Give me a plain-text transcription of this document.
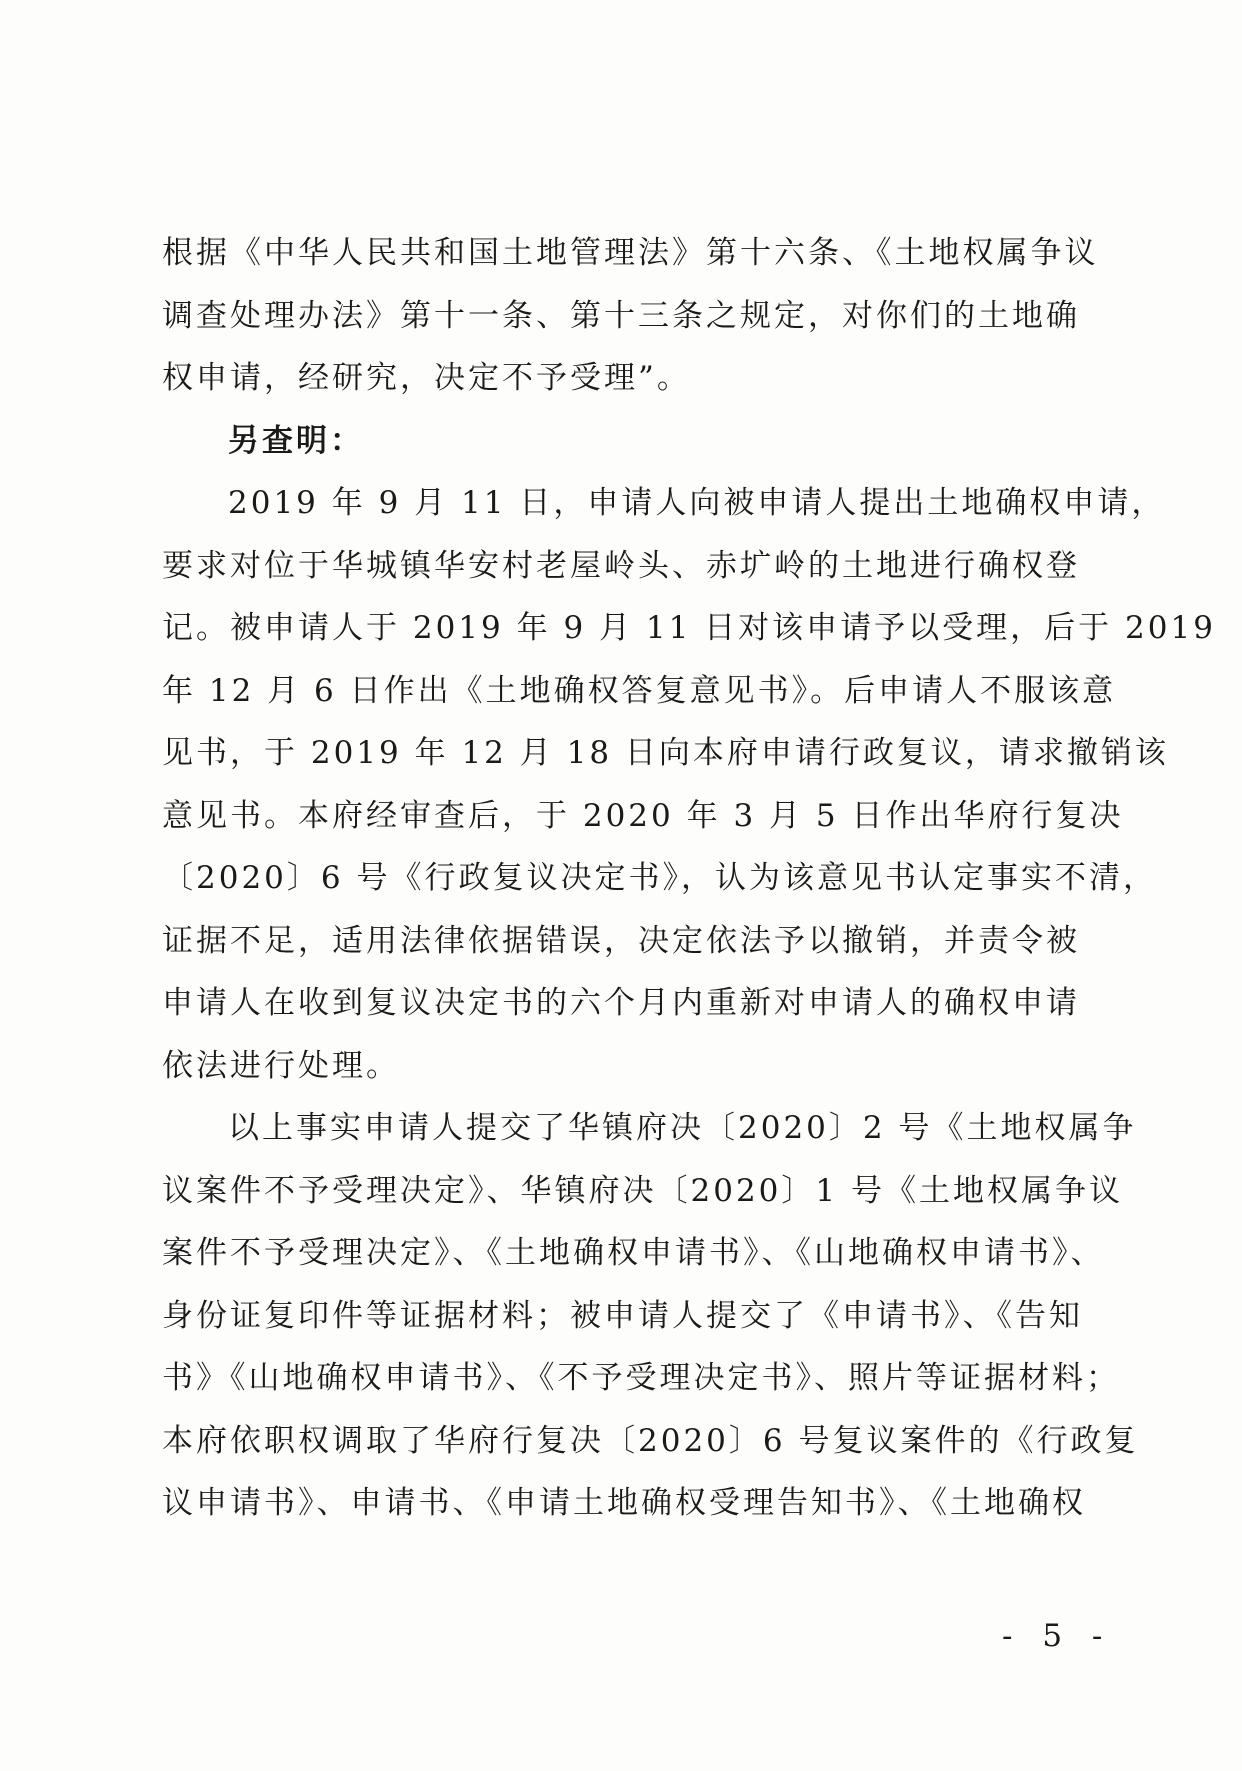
根据《中华人民共和国土地管理法》第十六条、《土地权属争议
调查处理办法》第十一条、第十三条之规定，对你们的土地确
权申请，经研究，决定不予受理”。
另查明：
2019 年 9 月 11 日，申请人向被申请人提出土地确权申请，
要求对位于华城镇华安村老屋岭头、赤圹岭的土地进行确权登
记。被申请人于 2019 年 9 月 11 日对该申请予以受理，后于 2019
年 12 月 6 日作出《土地确权答复意见书》。后申请人不服该意
见书，于 2019 年 12 月 18 日向本府申请行政复议，请求撤销该
意见书。本府经审查后，于 2020 年 3 月 5 日作出华府行复决
〔2020〕6 号《行政复议决定书》，认为该意见书认定事实不清，
证据不足，适用法律依据错误，决定依法予以撤销，并责令被
申请人在收到复议决定书的六个月内重新对申请人的确权申请
依法进行处理。
以上事实申请人提交了华镇府决〔2020〕2 号《土地权属争
议案件不予受理决定》、华镇府决〔2020〕1 号《土地权属争议
案件不予受理决定》、《土地确权申请书》、《山地确权申请书》、
身份证复印件等证据材料；被申请人提交了《申请书》、《告知
书》《山地确权申请书》、《不予受理决定书》、照片等证据材料；
本府依职权调取了华府行复决〔2020〕6 号复议案件的《行政复
议申请书》、申请书、《申请土地确权受理告知书》、《土地确权
- 5 -
